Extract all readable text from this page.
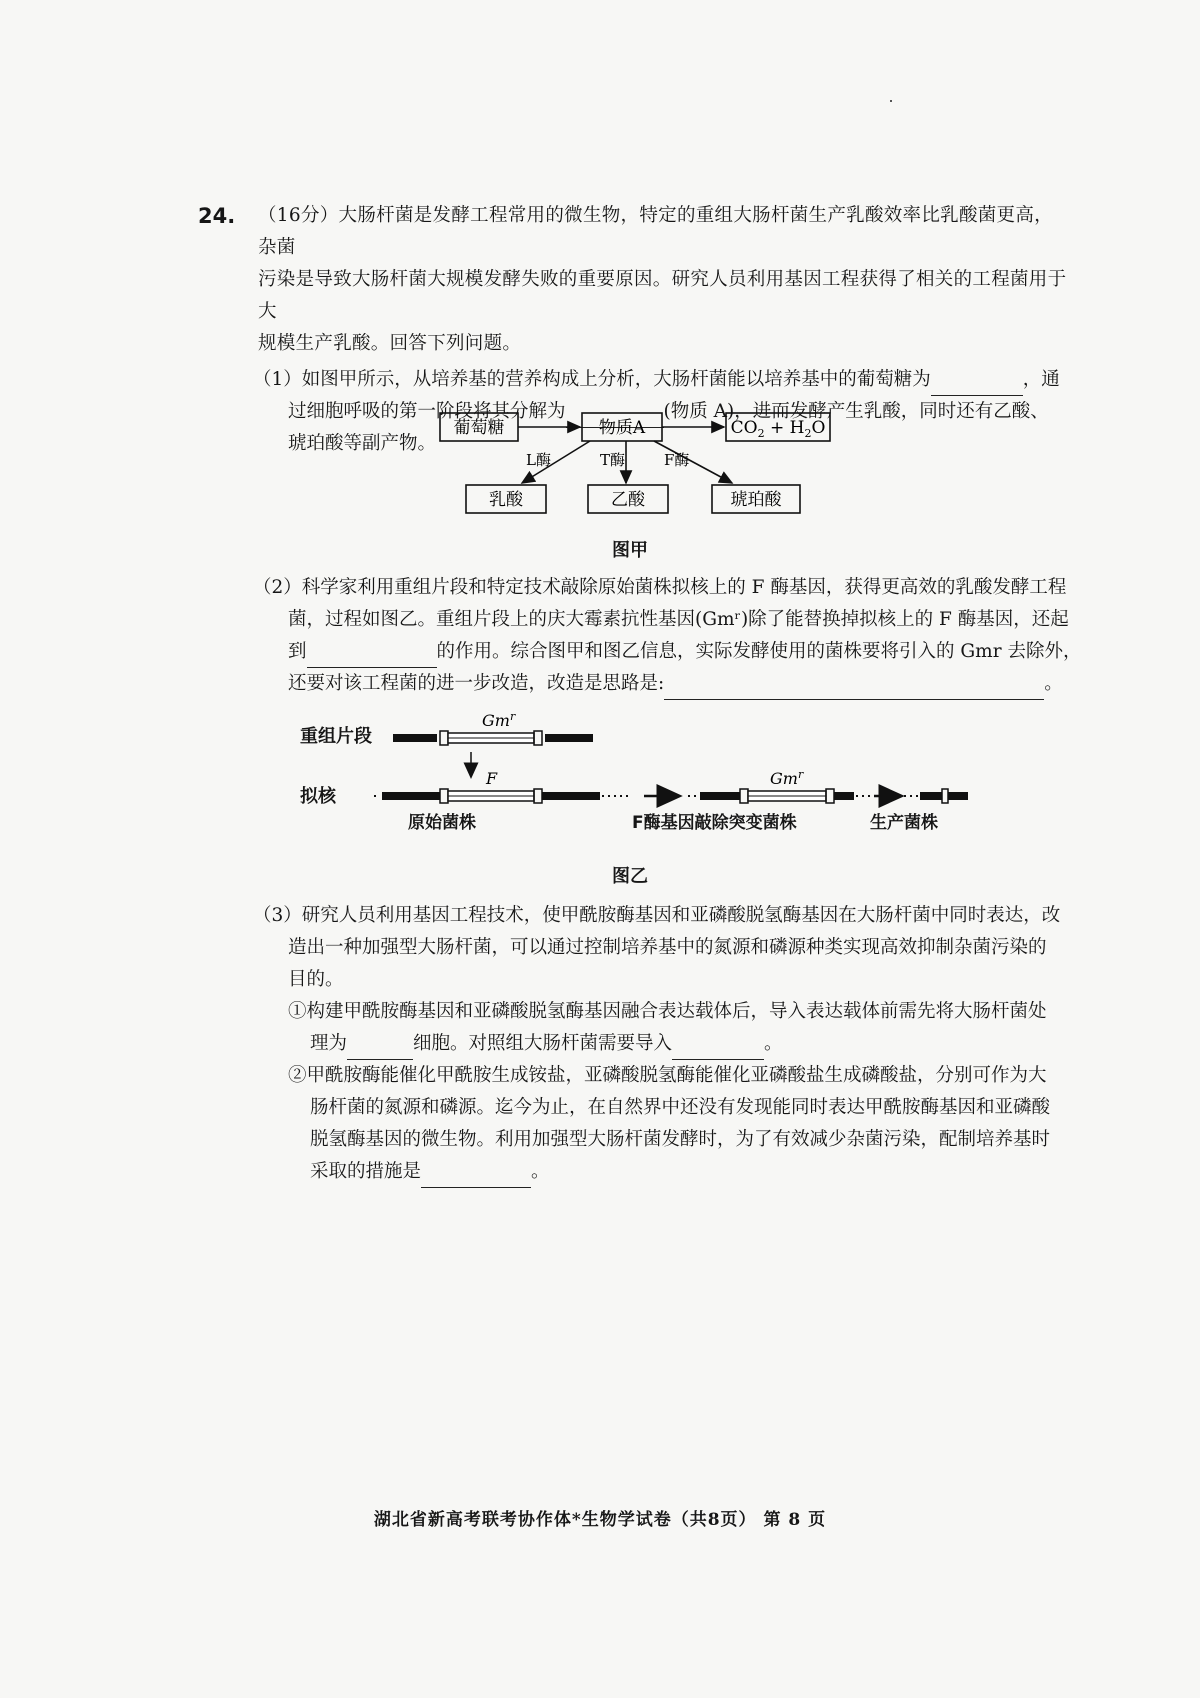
24. （16分）大肠杆菌是发酵工程常用的微生物，特定的重组大肠杆菌生产乳酸效率比乳酸菌更高，杂菌
污染是导致大肠杆菌大规模发酵失败的重要原因。研究人员利用基因工程获得了相关的工程菌用于大
规模生产乳酸。回答下列问题。
（1）如图甲所示，从培养基的营养构成上分析，大肠杆菌能以培养基中的葡萄糖为	，通
过细胞呼吸的第一阶段将其分解为	(物质 A)，进而发酵产生乳酸，同时还有乙酸、
琥珀酸等副产物。
葡萄糖	物质A	$CO_2 + H_2O$
乳酸	乙酸	琥珀酸
L酶	T酶	F酶
图甲
（2）科学家利用重组片段和特定技术敲除原始菌株拟核上的 F 酶基因，获得更高效的乳酸发酵工程
菌，过程如图乙。重组片段上的庆大霉素抗性基因(Gmʳ)除了能替换掉拟核上的 F 酶基因，还起
到	的作用。综合图甲和图乙信息，实际发酵使用的菌株要将引入的 Gmr 去除外，
还要对该工程菌的进一步改造，改造是思路是:	。
重组片段
拟核
Gm$^r$
F	Gm$^r$
原始菌株	F酶基因敲除突变菌株	生产菌株
图乙
（3）研究人员利用基因工程技术，使甲酰胺酶基因和亚磷酸脱氢酶基因在大肠杆菌中同时表达，改
造出一种加强型大肠杆菌，可以通过控制培养基中的氮源和磷源种类实现高效抑制杂菌污染的
目的。
①构建甲酰胺酶基因和亚磷酸脱氢酶基因融合表达载体后，导入表达载体前需先将大肠杆菌处
理为	细胞。对照组大肠杆菌需要导入	。
②甲酰胺酶能催化甲酰胺生成铵盐，亚磷酸脱氢酶能催化亚磷酸盐生成磷酸盐，分别可作为大
肠杆菌的氮源和磷源。迄今为止，在自然界中还没有发现能同时表达甲酰胺酶基因和亚磷酸
脱氢酶基因的微生物。利用加强型大肠杆菌发酵时，为了有效减少杂菌污染，配制培养基时
采取的措施是	。
湖北省新高考联考协作体*生物学试卷（共8页） 第 8 页
